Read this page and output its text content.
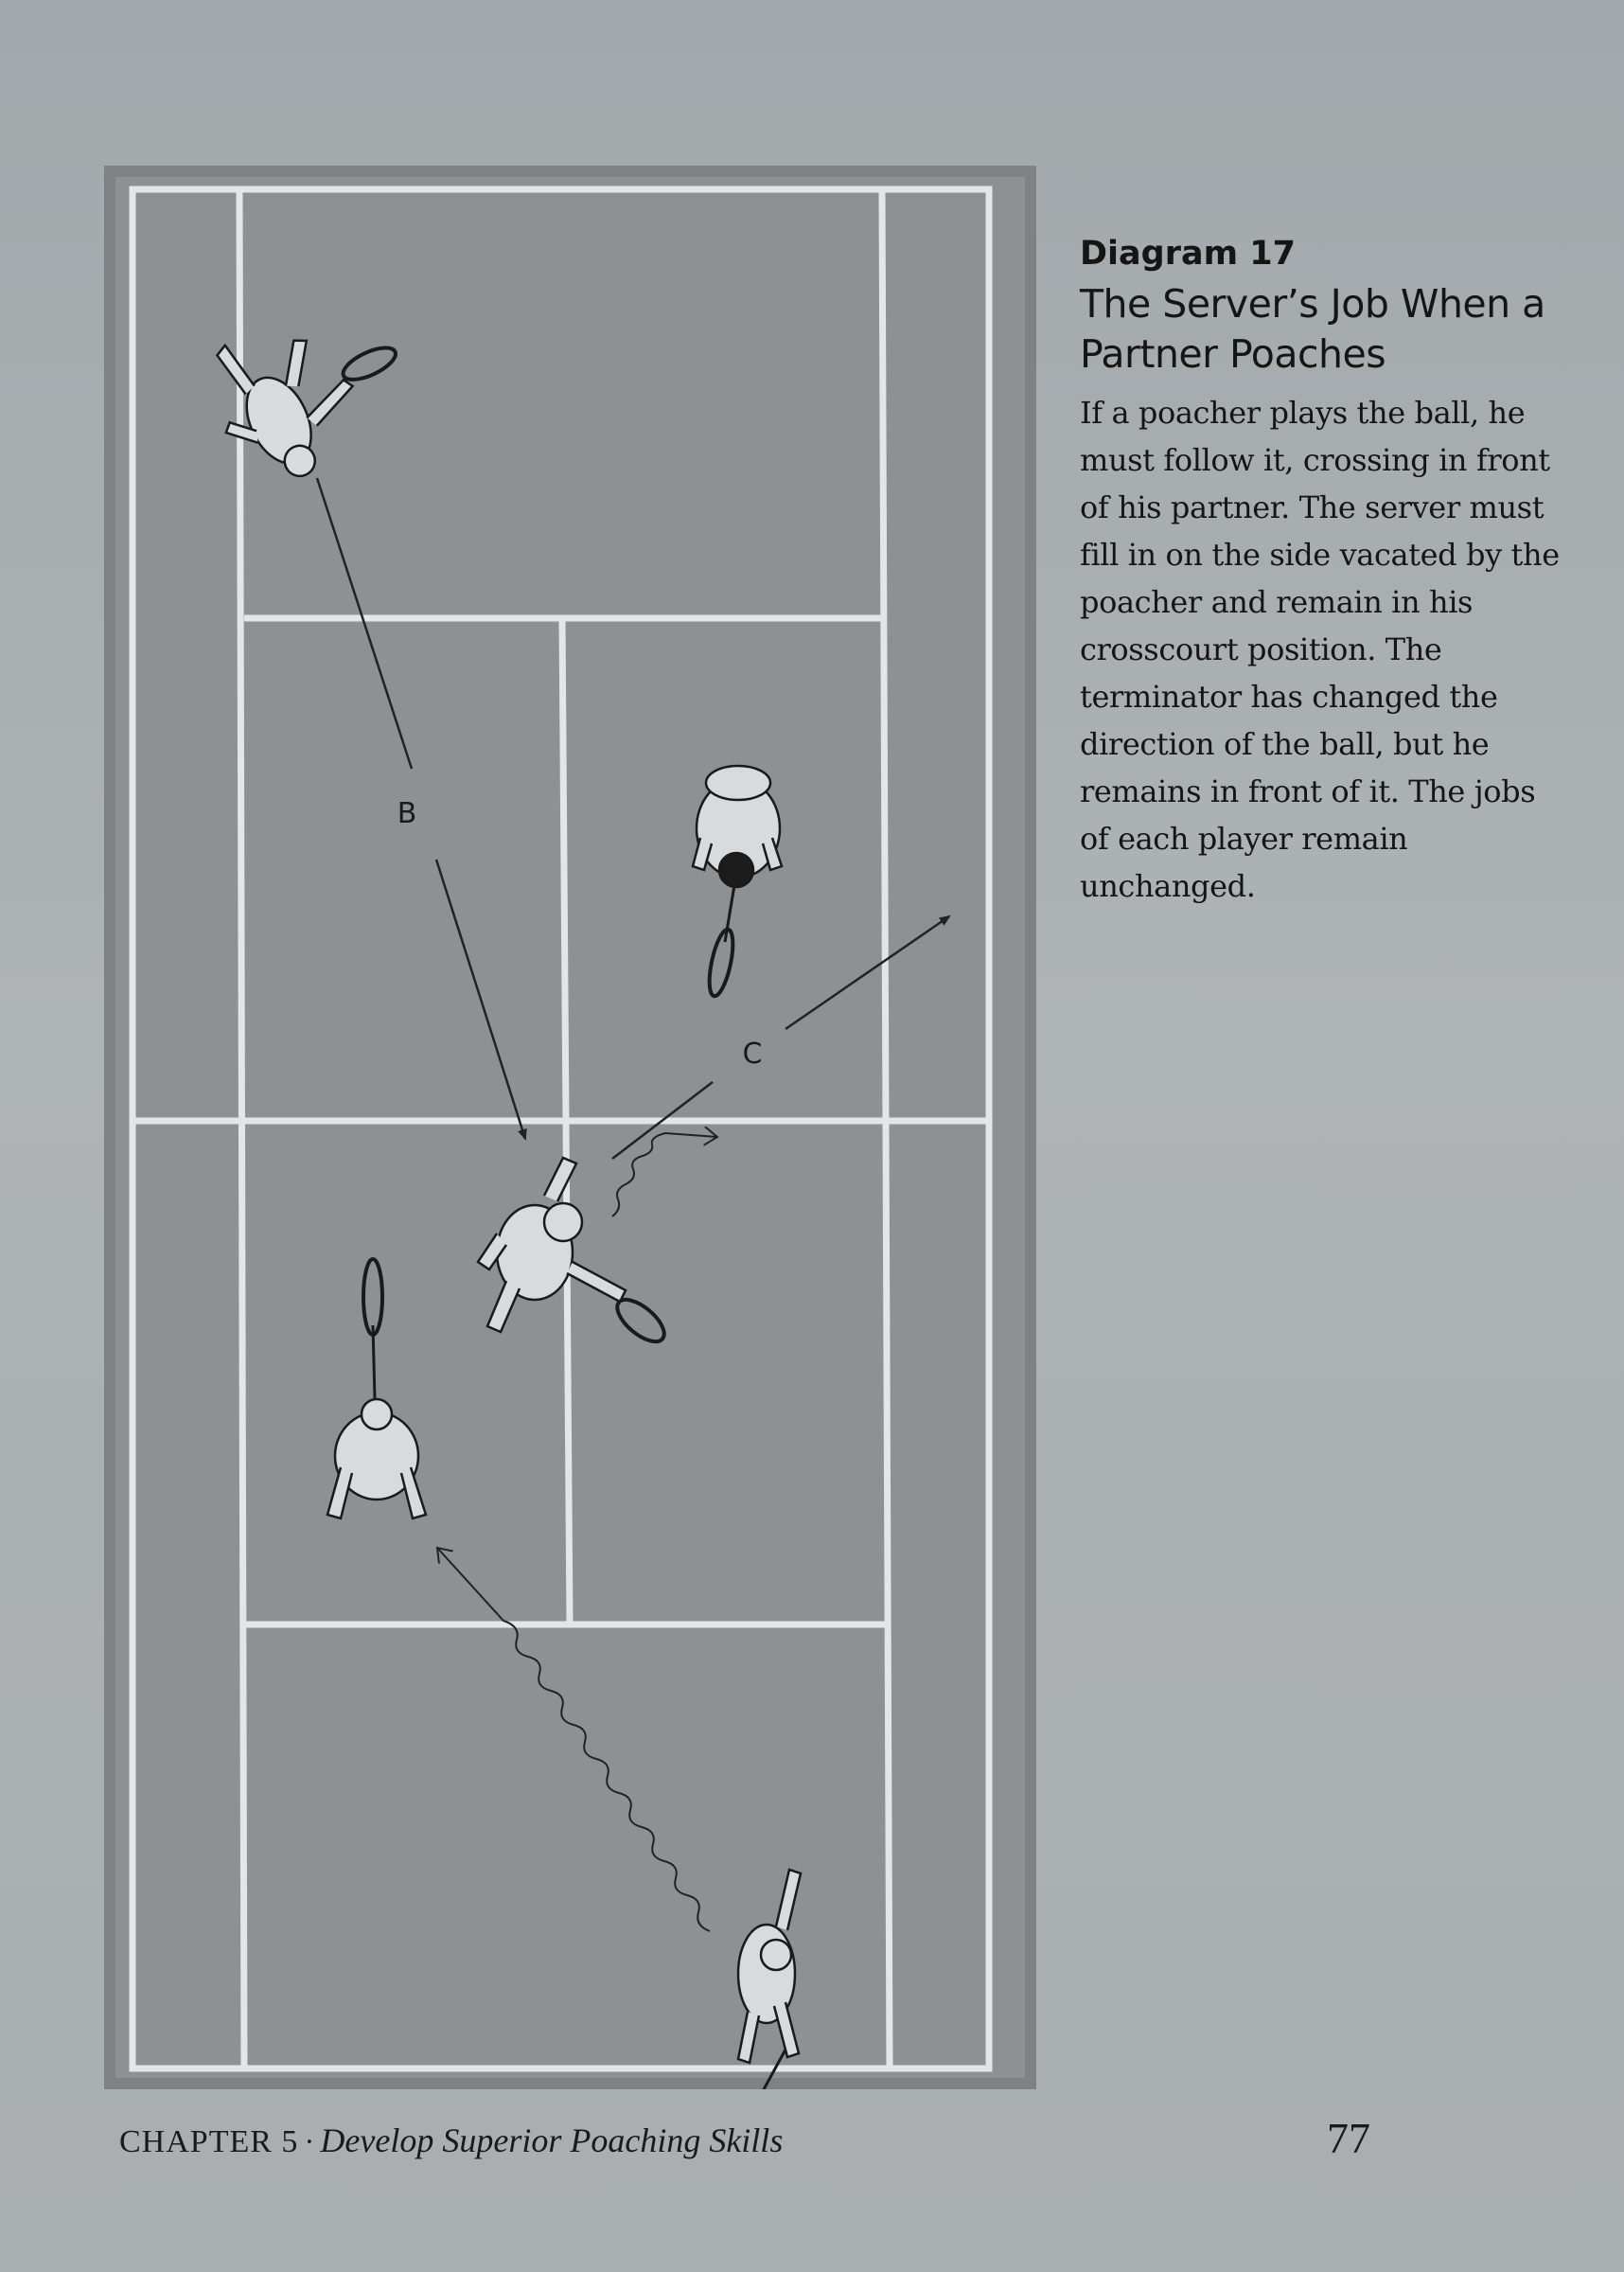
B
C

Diagram 17

The Server’s Job When a Partner Poaches

If a poacher plays the ball, he must follow it, crossing in front of his partner. The server must fill in on the side vacated by the poacher and remain in his crosscourt position. The terminator has changed the direction of the ball, but he remains in front of it. The jobs of each player remain unchanged.

CHAPTER 5 · Develop Superior Poaching Skills	77
